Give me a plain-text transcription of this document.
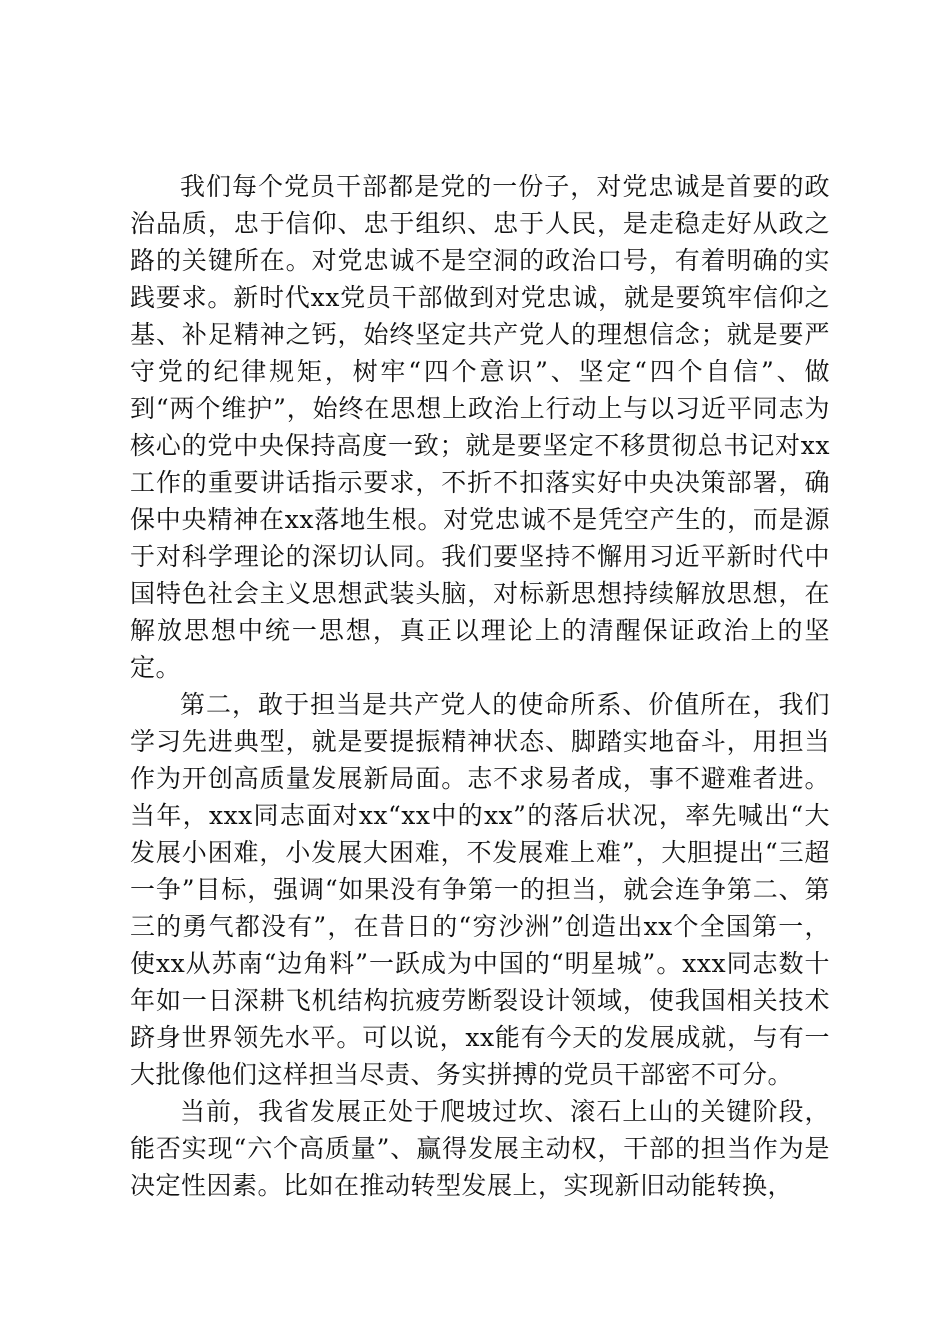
我们每个党员干部都是党的一份子，对党忠诚是首要的政治品质，忠于信仰、忠于组织、忠于人民，是走稳走好从政之路的关键所在。对党忠诚不是空洞的政治口号，有着明确的实践要求。新时代xx党员干部做到对党忠诚，就是要筑牢信仰之基、补足精神之钙，始终坚定共产党人的理想信念；就是要严守党的纪律规矩，树牢“四个意识”、坚定“四个自信”、做到“两个维护”，始终在思想上政治上行动上与以习近平同志为核心的党中央保持高度一致；就是要坚定不移贯彻总书记对xx工作的重要讲话指示要求，不折不扣落实好中央决策部署，确保中央精神在xx落地生根。对党忠诚不是凭空产生的，而是源于对科学理论的深切认同。我们要坚持不懈用习近平新时代中国特色社会主义思想武装头脑，对标新思想持续解放思想，在解放思想中统一思想，真正以理论上的清醒保证政治上的坚定。

第二，敢于担当是共产党人的使命所系、价值所在，我们学习先进典型，就是要提振精神状态、脚踏实地奋斗，用担当作为开创高质量发展新局面。志不求易者成，事不避难者进。当年，xxx同志面对xx“xx中的xx”的落后状况，率先喊出“大发展小困难，小发展大困难，不发展难上难”，大胆提出“三超一争”目标，强调“如果没有争第一的担当，就会连争第二、第三的勇气都没有”，在昔日的“穷沙洲”创造出xx个全国第一，使xx从苏南“边角料”一跃成为中国的“明星城”。xxx同志数十年如一日深耕飞机结构抗疲劳断裂设计领域，使我国相关技术跻身世界领先水平。可以说，xx能有今天的发展成就，与有一大批像他们这样担当尽责、务实拼搏的党员干部密不可分。

当前，我省发展正处于爬坡过坎、滚石上山的关键阶段，能否实现“六个高质量”、赢得发展主动权，干部的担当作为是决定性因素。比如在推动转型发展上，实现新旧动能转换，
